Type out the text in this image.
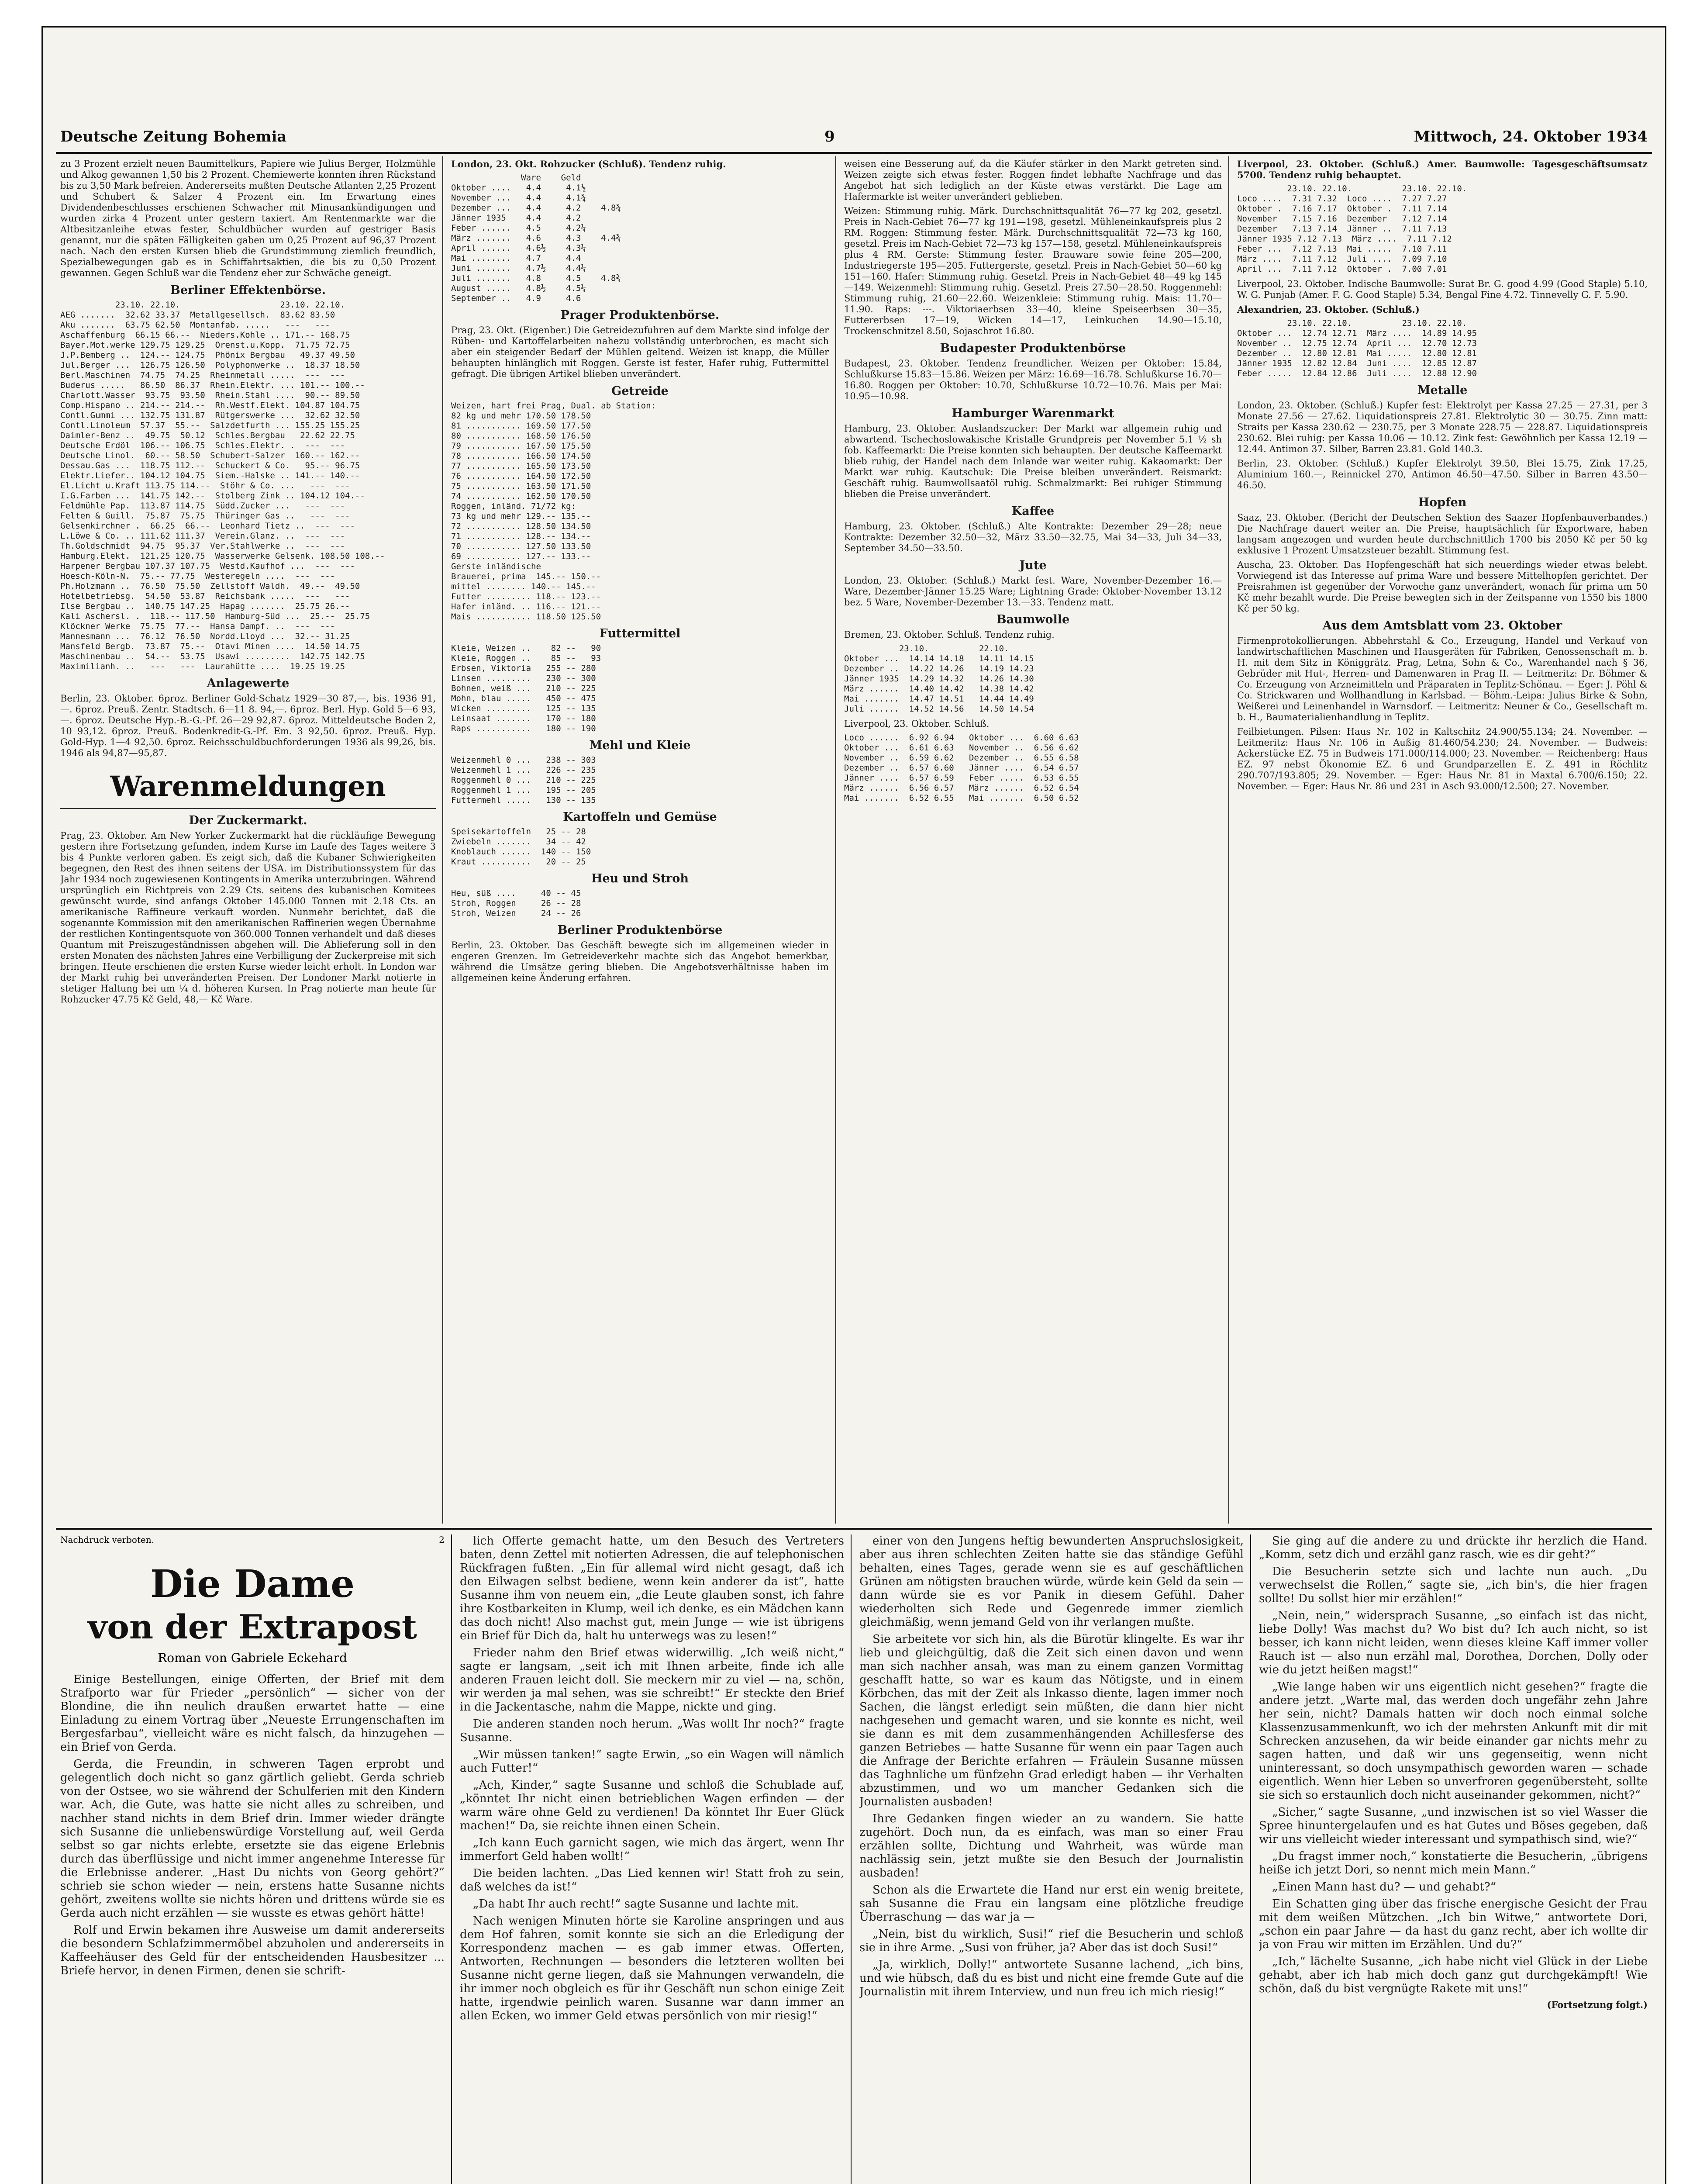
Deutsche Zeitung Bohemia	9	Mittwoch, 24. Oktober 1934

zu 3 Prozent erzielt neuen Baumittelkurs, Papiere wie Julius Berger, Holzmühle und Alkog gewannen 1,50 bis 2 Prozent. Chemiewerte konnten ihren Rückstand bis zu 3,50 Mark befreien. Andererseits mußten Deutsche Atlanten 2,25 Prozent und Schubert & Salzer 4 Prozent ein. Im Erwartung eines Dividendenbeschlusses erschienen Schwacher mit Minusankündigungen und wurden zirka 4 Prozent unter gestern taxiert. Am Rentenmarkte war die Altbesitzanleihe etwas fester, Schuldbücher wurden auf gestriger Basis genannt, nur die späten Fälligkeiten gaben um 0,25 Prozent auf 96,37 Prozent nach. Nach den ersten Kursen blieb die Grundstimmung ziemlich freundlich, Spezialbewegungen gab es in Schiffahrtsaktien, die bis zu 0,50 Prozent gewannen. Gegen Schluß war die Tendenz eher zur Schwäche geneigt.

Berliner Effektenbörse.

23.10. 22.10.                    23.10. 22.10.
AEG .......  32.62 33.37  Metallgesellsch.  83.62 83.50
Aku .......  63.75 62.50  Montanfab. .....   ---   ---
Aschaffenburg  66.15 66.--  Nieders.Kohle .. 171.-- 168.75
Bayer.Mot.werke 129.75 129.25  Orenst.u.Kopp.  71.75 72.75
J.P.Bemberg ..  124.-- 124.75  Phönix Bergbau   49.37 49.50
Jul.Berger ...  126.75 126.50  Polyphonwerke ..  18.37 18.50
Berl.Maschinen  74.75  74.25  Rheinmetall .....  ---  ---
Buderus .....   86.50  86.37  Rhein.Elektr. ... 101.-- 100.--
Charlott.Wasser  93.75  93.50  Rhein.Stahl ....  90.-- 89.50
Comp.Hispano .. 214.-- 214.--  Rh.Westf.Elekt. 104.87 104.75
Contl.Gummi ... 132.75 131.87  Rütgerswerke ...  32.62 32.50
Contl.Linoleum  57.37  55.--  Salzdetfurth ... 155.25 155.25
Daimler-Benz ..  49.75  50.12  Schles.Bergbau   22.62 22.75
Deutsche Erdöl  106.-- 106.75  Schles.Elektr. .  ---  ---
Deutsche Linol.  60.-- 58.50  Schubert-Salzer  160.-- 162.--
Dessau.Gas ...  118.75 112.--  Schuckert & Co.   95.-- 96.75
Elektr.Liefer.. 104.12 104.75  Siem.-Halske .. 141.-- 140.--
El.Licht u.Kraft 113.75 114.--  Stöhr & Co. ...   ---  ---
I.G.Farben ...  141.75 142.--  Stolberg Zink .. 104.12 104.--
Feldmühle Pap.  113.87 114.75  Südd.Zucker ...   ---  ---
Felten & Guill.  75.87  75.75  Thüringer Gas ..   ---  ---
Gelsenkirchner .  66.25  66.--  Leonhard Tietz ..  ---  ---
L.Löwe & Co. .. 111.62 111.37  Verein.Glanz. ..  ---  ---
Th.Goldschmidt  94.75  95.37  Ver.Stahlwerke ..  ---  ---
Hamburg.Elekt.  121.25 120.75  Wasserwerke Gelsenk. 108.50 108.--
Harpener Bergbau 107.37 107.75  Westd.Kaufhof ...  ---  ---
Hoesch-Köln-N.  75.-- 77.75  Westeregeln ....  ---  ---
Ph.Holzmann ..  76.50  75.50  Zellstoff Waldh.  49.--  49.50
Hotelbetriebsg.  54.50  53.87  Reichsbank .....  ---   ---
Ilse Bergbau ..  140.75 147.25  Hapag .......  25.75 26.--
Kali Aschersl. .  118.-- 117.50  Hamburg-Süd ...  25.--  25.75
Klöckner Werke  75.75  77.--  Hansa Dampf. ..  ---  ---
Mannesmann ...  76.12  76.50  Nordd.Lloyd ...  32.-- 31.25
Mansfeld Bergb.  73.87  75.--  Otavi Minen ....  14.50 14.75
Maschinenbau ..  54.--  53.75  Usawi .........  142.75 142.75
Maximilianh. ..   ---   ---  Laurahütte ....  19.25 19.25

Anlagewerte

Berlin, 23. Oktober. 6proz. Berliner Gold-Schatz 1929—30 87,—, bis. 1936 91,—. 6proz. Preuß. Zentr. Stadtsch. 6—11 8. 94,—. 6proz. Berl. Hyp. Gold 5—6 93,—. 6proz. Deutsche Hyp.-B.-G.-Pf. 26—29 92,87. 6proz. Mitteldeutsche Boden 2, 10 93,12. 6proz. Preuß. Bodenkredit-G.-Pf. Em. 3 92,50. 6proz. Preuß. Hyp. Gold-Hyp. 1—4 92,50. 6proz. Reichsschuldbuchforderungen 1936 als 99,26, bis. 1946 als 94,87—95,87.

Warenmeldungen

Der Zuckermarkt.

Prag, 23. Oktober. Am New Yorker Zuckermarkt hat die rückläufige Bewegung gestern ihre Fortsetzung gefunden, indem Kurse im Laufe des Tages weitere 3 bis 4 Punkte verloren gaben. Es zeigt sich, daß die Kubaner Schwierigkeiten begegnen, den Rest des ihnen seitens der USA. im Distributionssystem für das Jahr 1934 noch zugewiesenen Kontingents in Amerika unterzubringen. Während ursprünglich ein Richtpreis von 2.29 Cts. seitens des kubanischen Komitees gewünscht wurde, sind anfangs Oktober 145.000 Tonnen mit 2.18 Cts. an amerikanische Raffineure verkauft worden. Nunmehr berichtet, daß die sogenannte Kommission mit den amerikanischen Raffinerien wegen Übernahme der restlichen Kontingentsquote von 360.000 Tonnen verhandelt und daß dieses Quantum mit Preiszugeständnissen abgehen will. Die Ablieferung soll in den ersten Monaten des nächsten Jahres eine Verbilligung der Zuckerpreise mit sich bringen. Heute erschienen die ersten Kurse wieder leicht erholt. In London war der Markt ruhig bei unveränderten Preisen. Der Londoner Markt notierte in stetiger Haltung bei um ¼ d. höheren Kursen. In Prag notierte man heute für Rohzucker 47.75 Kč Geld, 48,— Kč Ware.

London, 23. Okt. Rohzucker (Schluß). Tendenz ruhig.

Ware    Geld
Oktober ....   4.4     4.1½
November ...   4.4     4.1¾
Dezember ...   4.4     4.2    4.8¾
Jänner 1935    4.4     4.2
Feber ......   4.5     4.2¼
März .......   4.6     4.3    4.4¾
April ......   4.6½    4.3¼
Mai ........   4.7     4.4
Juni .......   4.7½    4.4¼
Juli .......   4.8     4.5    4.8¾
August .....   4.8½    4.5¼
September ..   4.9     4.6

Prager Produktenbörse.

Prag, 23. Okt. (Eigenber.) Die Getreidezufuhren auf dem Markte sind infolge der Rüben- und Kartoffelarbeiten nahezu vollständig unterbrochen, es macht sich aber ein steigender Bedarf der Mühlen geltend. Weizen ist knapp, die Müller behaupten hinlänglich mit Roggen. Gerste ist fester, Hafer ruhig, Futtermittel gefragt. Die übrigen Artikel blieben unverändert.

Getreide

Weizen, hart frei Prag, Dual. ab Station:
82 kg und mehr 170.50 178.50
81 ........... 169.50 177.50
80 ........... 168.50 176.50
79 ........... 167.50 175.50
78 ........... 166.50 174.50
77 ........... 165.50 173.50
76 ........... 164.50 172.50
75 ........... 163.50 171.50
74 ........... 162.50 170.50
Roggen, inländ. 71/72 kg:
73 kg und mehr 129.-- 135.--
72 ........... 128.50 134.50
71 ........... 128.-- 134.--
70 ........... 127.50 133.50
69 ........... 127.-- 133.--
Gerste inländische
Brauerei, prima  145.-- 150.--
mittel ........ 140.-- 145.--
Futter ......... 118.-- 123.--
Hafer inländ. .. 116.-- 121.--
Mais ........... 118.50 125.50

Futtermittel

Kleie, Weizen ..    82 --   90
Kleie, Roggen ..    85 --   93
Erbsen, Viktoria   255 -- 280
Linsen .........   230 -- 300
Bohnen, weiß ...   210 -- 225
Mohn, blau .....   450 -- 475
Wicken .........   125 -- 135
Leinsaat .......   170 -- 180
Raps ...........   180 -- 190

Mehl und Kleie

Weizenmehl 0 ...   238 -- 303
Weizenmehl 1 ...   226 -- 235
Roggenmehl 0 ...   210 -- 225
Roggenmehl 1 ...   195 -- 205
Futtermehl .....   130 -- 135

Kartoffeln und Gemüse

Speisekartoffeln   25 -- 28
Zwiebeln .......   34 -- 42
Knoblauch ......  140 -- 150
Kraut ..........   20 -- 25

Heu und Stroh

Heu, süß ....     40 -- 45
Stroh, Roggen     26 -- 28
Stroh, Weizen     24 -- 26

Berliner Produktenbörse

Berlin, 23. Oktober. Das Geschäft bewegte sich im allgemeinen wieder in engeren Grenzen. Im Getreideverkehr machte sich das Angebot bemerkbar, während die Umsätze gering blieben. Die Angebotsverhältnisse haben im allgemeinen keine Änderung erfahren.

weisen eine Besserung auf, da die Käufer stärker in den Markt getreten sind. Weizen zeigte sich etwas fester. Roggen findet lebhafte Nachfrage und das Angebot hat sich lediglich an der Küste etwas verstärkt. Die Lage am Hafermarkte ist weiter unverändert geblieben.

Weizen: Stimmung ruhig. Märk. Durchschnittsqualität 76—77 kg 202, gesetzl. Preis in Nach-Gebiet 76—77 kg 191—198, gesetzl. Mühleneinkaufspreis plus 2 RM. Roggen: Stimmung fester. Märk. Durchschnittsqualität 72—73 kg 160, gesetzl. Preis im Nach-Gebiet 72—73 kg 157—158, gesetzl. Mühleneinkaufspreis plus 4 RM. Gerste: Stimmung fester. Brauware sowie feine 205—200, Industriegerste 195—205. Futtergerste, gesetzl. Preis in Nach-Gebiet 50—60 kg 151—160. Hafer: Stimmung ruhig. Gesetzl. Preis in Nach-Gebiet 48—49 kg 145—149. Weizenmehl: Stimmung ruhig. Gesetzl. Preis 27.50—28.50. Roggenmehl: Stimmung ruhig, 21.60—22.60. Weizenkleie: Stimmung ruhig. Mais: 11.70—11.90. Raps: ---. Viktoriaerbsen 33—40, kleine Speiseerbsen 30—35, Futtererbsen 17—19, Wicken 14—17, Leinkuchen 14.90—15.10, Trockenschnitzel 8.50, Sojaschrot 16.80.

Budapester Produktenbörse

Budapest, 23. Oktober. Tendenz freundlicher. Weizen per Oktober: 15.84, Schlußkurse 15.83—15.86. Weizen per März: 16.69—16.78. Schlußkurse 16.70—16.80. Roggen per Oktober: 10.70, Schlußkurse 10.72—10.76. Mais per Mai: 10.95—10.98.

Hamburger Warenmarkt

Hamburg, 23. Oktober. Auslandszucker: Der Markt war allgemein ruhig und abwartend. Tschechoslowakische Kristalle Grundpreis per November 5.1 ½ sh fob. Kaffeemarkt: Die Preise konnten sich behaupten. Der deutsche Kaffeemarkt blieb ruhig, der Handel nach dem Inlande war weiter ruhig. Kakaomarkt: Der Markt war ruhig. Kautschuk: Die Preise bleiben unverändert. Reismarkt: Geschäft ruhig. Baumwollsaatöl ruhig. Schmalzmarkt: Bei ruhiger Stimmung blieben die Preise unverändert.

Kaffee

Hamburg, 23. Oktober. (Schluß.) Alte Kontrakte: Dezember 29—28; neue Kontrakte: Dezember 32.50—32, März 33.50—32.75, Mai 34—33, Juli 34—33, September 34.50—33.50.

Jute

London, 23. Oktober. (Schluß.) Markt fest. Ware, November-Dezember 16.— Ware, Dezember-Jänner 15.25 Ware; Lightning Grade: Oktober-November 13.12 bez. 5 Ware, November-Dezember 13.—33. Tendenz matt.

Baumwolle

Bremen, 23. Oktober. Schluß. Tendenz ruhig.

23.10.          22.10.
Oktober ...  14.14 14.18   14.11 14.15
Dezember ..  14.22 14.26   14.19 14.23
Jänner 1935  14.29 14.32   14.26 14.30
März ......  14.40 14.42   14.38 14.42
Mai .......  14.47 14.51   14.44 14.49
Juli ......  14.52 14.56   14.50 14.54

Liverpool, 23. Oktober. Schluß.

Loco ......  6.92 6.94   Oktober ...  6.60 6.63
Oktober ...  6.61 6.63   November ..  6.56 6.62
November ..  6.59 6.62   Dezember ..  6.55 6.58
Dezember ..  6.57 6.60   Jänner ....  6.54 6.57
Jänner ....  6.57 6.59   Feber .....  6.53 6.55
März ......  6.56 6.57   März ......  6.52 6.54
Mai .......  6.52 6.55   Mai .......  6.50 6.52

Liverpool, 23. Oktober. (Schluß.) Amer. Baumwolle: Tagesgeschäftsumsatz 5700. Tendenz ruhig behauptet.

23.10. 22.10.          23.10. 22.10.
Loco ....  7.31 7.32  Loco ....  7.27 7.27
Oktober .  7.16 7.17  Oktober .  7.11 7.14
November   7.15 7.16  Dezember   7.12 7.14
Dezember   7.13 7.14  Jänner ..  7.11 7.13
Jänner 1935 7.12 7.13  März ....  7.11 7.12
Feber ...  7.12 7.13  Mai .....  7.10 7.11
März ....  7.11 7.12  Juli ....  7.09 7.10
April ...  7.11 7.12  Oktober .  7.00 7.01

Liverpool, 23. Oktober. Indische Baumwolle: Surat Br. G. good 4.99 (Good Staple) 5.10, W. G. Punjab (Amer. F. G. Good Staple) 5.34, Bengal Fine 4.72. Tinnevelly G. F. 5.90.

Alexandrien, 23. Oktober. (Schluß.)

23.10. 22.10.          23.10. 22.10.
Oktober ...  12.74 12.71  März ....  14.89 14.95
November ..  12.75 12.74  April ...  12.70 12.73
Dezember ..  12.80 12.81  Mai .....  12.80 12.81
Jänner 1935  12.82 12.84  Juni ....  12.85 12.87
Feber .....  12.84 12.86  Juli ....  12.88 12.90

Metalle

London, 23. Oktober. (Schluß.) Kupfer fest: Elektrolyt per Kassa 27.25 — 27.31, per 3 Monate 27.56 — 27.62. Liquidationspreis 27.81. Elektrolytic 30 — 30.75. Zinn matt: Straits per Kassa 230.62 — 230.75, per 3 Monate 228.75 — 228.87. Liquidationspreis 230.62. Blei ruhig: per Kassa 10.06 — 10.12. Zink fest: Gewöhnlich per Kassa 12.19 — 12.44. Antimon 37. Silber, Barren 23.81. Gold 140.3.

Berlin, 23. Oktober. (Schluß.) Kupfer Elektrolyt 39.50, Blei 15.75, Zink 17.25, Aluminium 160.—, Reinnickel 270, Antimon 46.50—47.50. Silber in Barren 43.50—46.50.

Hopfen

Saaz, 23. Oktober. (Bericht der Deutschen Sektion des Saazer Hopfenbauverbandes.) Die Nachfrage dauert weiter an. Die Preise, hauptsächlich für Exportware, haben langsam angezogen und wurden heute durchschnittlich 1700 bis 2050 Kč per 50 kg exklusive 1 Prozent Umsatzsteuer bezahlt. Stimmung fest.

Auscha, 23. Oktober. Das Hopfengeschäft hat sich neuerdings wieder etwas belebt. Vorwiegend ist das Interesse auf prima Ware und bessere Mittelhopfen gerichtet. Der Preisrahmen ist gegenüber der Vorwoche ganz unverändert, wonach für prima um 50 Kč mehr bezahlt wurde. Die Preise bewegten sich in der Zeitspanne von 1550 bis 1800 Kč per 50 kg.

Aus dem Amtsblatt vom 23. Oktober

Firmenprotokollierungen. Abbehrstahl & Co., Erzeugung, Handel und Verkauf von landwirtschaftlichen Maschinen und Hausgeräten für Fabriken, Genossenschaft m. b. H. mit dem Sitz in Königgrätz. Prag, Letna, Sohn & Co., Warenhandel nach § 36, Gebrüder mit Hut-, Herren- und Damenwaren in Prag II. — Leitmeritz: Dr. Böhmer & Co. Erzeugung von Arzneimitteln und Präparaten in Teplitz-Schönau. — Eger: J. Pöhl & Co. Strickwaren und Wollhandlung in Karlsbad. — Böhm.-Leipa: Julius Birke & Sohn, Weißerei und Leinenhandel in Warnsdorf. — Leitmeritz: Neuner & Co., Gesellschaft m. b. H., Baumaterialienhandlung in Teplitz.

Feilbietungen. Pilsen: Haus Nr. 102 in Kaltschitz 24.900/55.134; 24. November. — Leitmeritz: Haus Nr. 106 in Außig 81.460/54.230; 24. November. — Budweis: Ackerstücke EZ. 75 in Budweis 171.000/114.000; 23. November. — Reichenberg: Haus EZ. 97 nebst Ökonomie EZ. 6 und Grundparzellen E. Z. 491 in Röchlitz 290.707/193.805; 29. November. — Eger: Haus Nr. 81 in Maxtal 6.700/6.150; 22. November. — Eger: Haus Nr. 86 und 231 in Asch 93.000/12.500; 27. November.

Nachdruck verboten.	2
Die Dame
von der Extrapost
Roman von Gabriele Eckehard

Einige Bestellungen, einige Offerten, der Brief mit dem Strafporto war für Frieder „persönlich“ — sicher von der Blondine, die ihn neulich draußen erwartet hatte — eine Einladung zu einem Vortrag über „Neueste Errungenschaften im Bergesfarbau“, vielleicht wäre es nicht falsch, da hinzugehen — ein Brief von Gerda.

Gerda, die Freundin, in schweren Tagen erprobt und gelegentlich doch nicht so ganz gärtlich geliebt. Gerda schrieb von der Ostsee, wo sie während der Schulferien mit den Kindern war. Ach, die Gute, was hatte sie nicht alles zu schreiben, und nachher stand nichts in dem Brief drin. Immer wieder drängte sich Susanne die unliebenswürdige Vorstellung auf, weil Gerda selbst so gar nichts erlebte, ersetzte sie das eigene Erlebnis durch das überflüssige und nicht immer angenehme Interesse für die Erlebnisse anderer. „Hast Du nichts von Georg gehört?“ schrieb sie schon wieder — nein, erstens hatte Susanne nichts gehört, zweitens wollte sie nichts hören und drittens würde sie es Gerda auch nicht erzählen — sie wusste es etwas gehört hätte!

Rolf und Erwin bekamen ihre Ausweise um damit andererseits die besondern Schlafzimmermöbel abzuholen und andererseits in Kaffeehäuser des Geld für der entscheidenden Hausbesitzer ... Briefe hervor, in denen Firmen, denen sie schrift-

lich Offerte gemacht hatte, um den Besuch des Vertreters baten, denn Zettel mit notierten Adressen, die auf telephonischen Rückfragen fußten. „Ein für allemal wird nicht gesagt, daß ich den Eilwagen selbst bediene, wenn kein anderer da ist“, hatte Susanne ihm von neuem ein, „die Leute glauben sonst, ich fahre ihre Kostbarkeiten in Klump, weil ich denke, es ein Mädchen kann das doch nicht! Also machst gut, mein Junge — wie ist übrigens ein Brief für Dich da, halt hu unterwegs was zu lesen!“

Frieder nahm den Brief etwas widerwillig. „Ich weiß nicht,“ sagte er langsam, „seit ich mit Ihnen arbeite, finde ich alle anderen Frauen leicht doll. Sie meckern mir zu viel — na, schön, wir werden ja mal sehen, was sie schreibt!“ Er steckte den Brief in die Jackentasche, nahm die Mappe, nickte und ging.

Die anderen standen noch herum. „Was wollt Ihr noch?“ fragte Susanne.

„Wir müssen tanken!“ sagte Erwin, „so ein Wagen will nämlich auch Futter!“

„Ach, Kinder,“ sagte Susanne und schloß die Schublade auf, „könntet Ihr nicht einen betrieblichen Wagen erfinden — der warm wäre ohne Geld zu verdienen! Da könntet Ihr Euer Glück machen!“ Da, sie reichte ihnen einen Schein.

„Ich kann Euch garnicht sagen, wie mich das ärgert, wenn Ihr immerfort Geld haben wollt!“

Die beiden lachten. „Das Lied kennen wir! Statt froh zu sein, daß welches da ist!“

„Da habt Ihr auch recht!“ sagte Susanne und lachte mit.

Nach wenigen Minuten hörte sie Karoline anspringen und aus dem Hof fahren, somit konnte sie sich an die Erledigung der Korrespondenz machen — es gab immer etwas. Offerten, Antworten, Rechnungen — besonders die letzteren wollten bei Susanne nicht gerne liegen, daß sie Mahnungen verwandeln, die ihr immer noch obgleich es für ihr Geschäft nun schon einige Zeit hatte, irgendwie peinlich waren. Susanne war dann immer an allen Ecken, wo immer Geld etwas persönlich von mir riesig!“

einer von den Jungens heftig bewunderten Anspruchslosigkeit, aber aus ihren schlechten Zeiten hatte sie das ständige Gefühl behalten, eines Tages, gerade wenn sie es auf geschäftlichen Grünen am nötigsten brauchen würde, würde kein Geld da sein — dann würde sie es vor Panik in diesem Gefühl. Daher wiederholten sich Rede und Gegenrede immer ziemlich gleichmäßig, wenn jemand Geld von ihr verlangen mußte.

Sie arbeitete vor sich hin, als die Bürotür klingelte. Es war ihr lieb und gleichgültig, daß die Zeit sich einen davon und wenn man sich nachher ansah, was man zu einem ganzen Vormittag geschafft hatte, so war es kaum das Nötigste, und in einem Körbchen, das mit der Zeit als Inkasso diente, lagen immer noch Sachen, die längst erledigt sein müßten, die dann hier nicht nachgesehen und gemacht waren, und sie konnte es nicht, weil sie dann es mit dem zusammenhängenden Achillesferse des ganzen Betriebes — hatte Susanne für wenn ein paar Tagen auch die Anfrage der Berichte erfahren — Fräulein Susanne müssen das Taghnliche um fünfzehn Grad erledigt haben — ihr Verhalten abzustimmen, und wo um mancher Gedanken sich die Journalisten ausbaden!

Ihre Gedanken fingen wieder an zu wandern. Sie hatte zugehört. Doch nun, da es einfach, was man so einer Frau erzählen sollte, Dichtung und Wahrheit, was würde man nachlässig sein, jetzt mußte sie den Besuch der Journalistin ausbaden!

Schon als die Erwartete die Hand nur erst ein wenig breitete, sah Susanne die Frau ein langsam eine plötzliche freudige Überraschung — das war ja —

„Nein, bist du wirklich, Susi!“ rief die Besucherin und schloß sie in ihre Arme. „Susi von früher, ja? Aber das ist doch Susi!“

„Ja, wirklich, Dolly!“ antwortete Susanne lachend, „ich bins, und wie hübsch, daß du es bist und nicht eine fremde Gute auf die Journalistin mit ihrem Interview, und nun freu ich mich riesig!“

Sie ging auf die andere zu und drückte ihr herzlich die Hand. „Komm, setz dich und erzähl ganz rasch, wie es dir geht?“

Die Besucherin setzte sich und lachte nun auch. „Du verwechselst die Rollen,“ sagte sie, „ich bin's, die hier fragen sollte! Du sollst hier mir erzählen!“

„Nein, nein,“ widersprach Susanne, „so einfach ist das nicht, liebe Dolly! Was machst du? Wo bist du? Ich auch nicht, so ist besser, ich kann nicht leiden, wenn dieses kleine Kaff immer voller Rauch ist — also nun erzähl mal, Dorothea, Dorchen, Dolly oder wie du jetzt heißen magst!“

„Wie lange haben wir uns eigentlich nicht gesehen?“ fragte die andere jetzt. „Warte mal, das werden doch ungefähr zehn Jahre her sein, nicht? Damals hatten wir doch noch einmal solche Klassenzusammenkunft, wo ich der mehrsten Ankunft mit dir mit Schrecken anzusehen, da wir beide einander gar nichts mehr zu sagen hatten, und daß wir uns gegenseitig, wenn nicht uninteressant, so doch unsympathisch geworden waren — schade eigentlich. Wenn hier Leben so unverfroren gegenübersteht, sollte sie sich so erstaunlich doch nicht auseinander gekommen, nicht?“

„Sicher,“ sagte Susanne, „und inzwischen ist so viel Wasser die Spree hinuntergelaufen und es hat Gutes und Böses gegeben, daß wir uns vielleicht wieder interessant und sympathisch sind, wie?“

„Du fragst immer noch,“ konstatierte die Besucherin, „übrigens heiße ich jetzt Dori, so nennt mich mein Mann.“

„Einen Mann hast du? — und gehabt?“

Ein Schatten ging über das frische energische Gesicht der Frau mit dem weißen Mützchen. „Ich bin Witwe,“ antwortete Dori, „schon ein paar Jahre — da hast du ganz recht, aber ich wollte dir ja von Frau wir mitten im Erzählen. Und du?“

„Ich,“ lächelte Susanne, „ich habe nicht viel Glück in der Liebe gehabt, aber ich hab mich doch ganz gut durchgekämpft! Wie schön, daß du bist vergnügte Rakete mit uns!“

(Fortsetzung folgt.)
